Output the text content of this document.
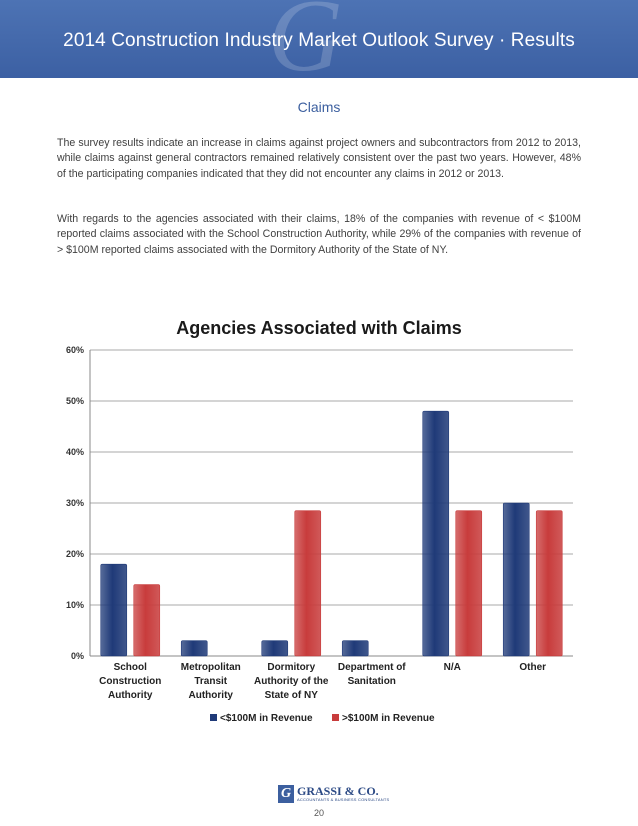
G
2014 Construction Industry Market Outlook Survey · Results
Claims

The survey results indicate an increase in claims against project owners and subcontractors from 2012 to 2013, while claims against general contractors remained relatively consistent over the past two years. However, 48% of the participating companies indicated that they did not encounter any claims in 2012 or 2013.

With regards to the agencies associated with their claims, 18% of the companies with revenue of < $100M reported claims associated with the School Construction Authority, while 29% of the companies with revenue of > $100M reported claims associated with the Dormitory Authority of the State of NY.

Agencies Associated with Claims
0%
10%
20%
30%
40%
50%
60%
School
Construction
Authority
Metropolitan
Transit
Authority
Dormitory
Authority of the
State of NY
Department of
Sanitation
N/A	Other
<$100M in Revenue	>$100M in Revenue
G GRASSI & CO.
ACCOUNTANTS & BUSINESS CONSULTANTS
20
